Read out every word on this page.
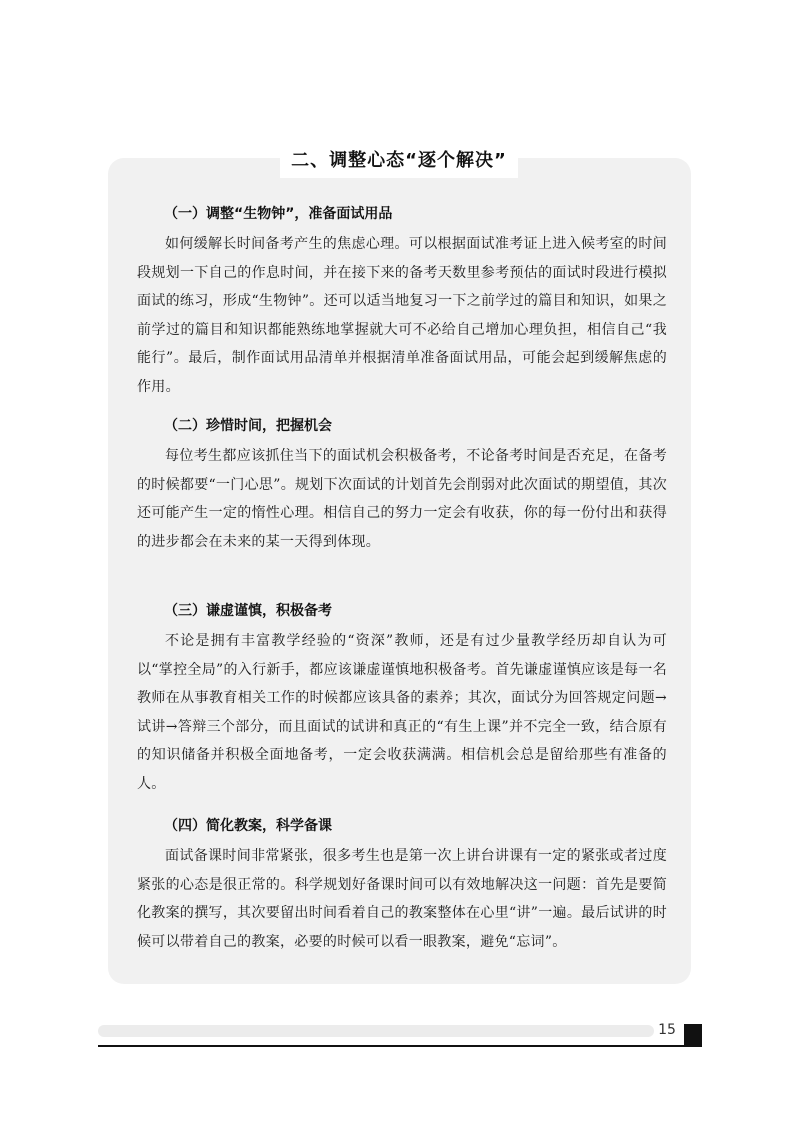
二、调整心态“逐个解决”
（一）调整“生物钟”，准备面试用品

如何缓解长时间备考产生的焦虑心理。可以根据面试准考证上进入候考室的时间段规划一下自己的作息时间，并在接下来的备考天数里参考预估的面试时段进行模拟面试的练习，形成“生物钟”。还可以适当地复习一下之前学过的篇目和知识，如果之前学过的篇目和知识都能熟练地掌握就大可不必给自己增加心理负担，相信自己“我能行”。最后，制作面试用品清单并根据清单准备面试用品，可能会起到缓解焦虑的作用。

（二）珍惜时间，把握机会

每位考生都应该抓住当下的面试机会积极备考，不论备考时间是否充足，在备考的时候都要“一门心思”。规划下次面试的计划首先会削弱对此次面试的期望值，其次还可能产生一定的惰性心理。相信自己的努力一定会有收获，你的每一份付出和获得的进步都会在未来的某一天得到体现。

（三）谦虚谨慎，积极备考

不论是拥有丰富教学经验的“资深”教师，还是有过少量教学经历却自认为可以“掌控全局”的入行新手，都应该谦虚谨慎地积极备考。首先谦虚谨慎应该是每一名教师在从事教育相关工作的时候都应该具备的素养；其次，面试分为回答规定问题→试讲→答辩三个部分，而且面试的试讲和真正的“有生上课”并不完全一致，结合原有的知识储备并积极全面地备考，一定会收获满满。相信机会总是留给那些有准备的人。

（四）简化教案，科学备课

面试备课时间非常紧张，很多考生也是第一次上讲台讲课有一定的紧张或者过度紧张的心态是很正常的。科学规划好备课时间可以有效地解决这一问题：首先是要简化教案的撰写，其次要留出时间看着自己的教案整体在心里“讲”一遍。最后试讲的时候可以带着自己的教案，必要的时候可以看一眼教案，避免“忘词”。

15
